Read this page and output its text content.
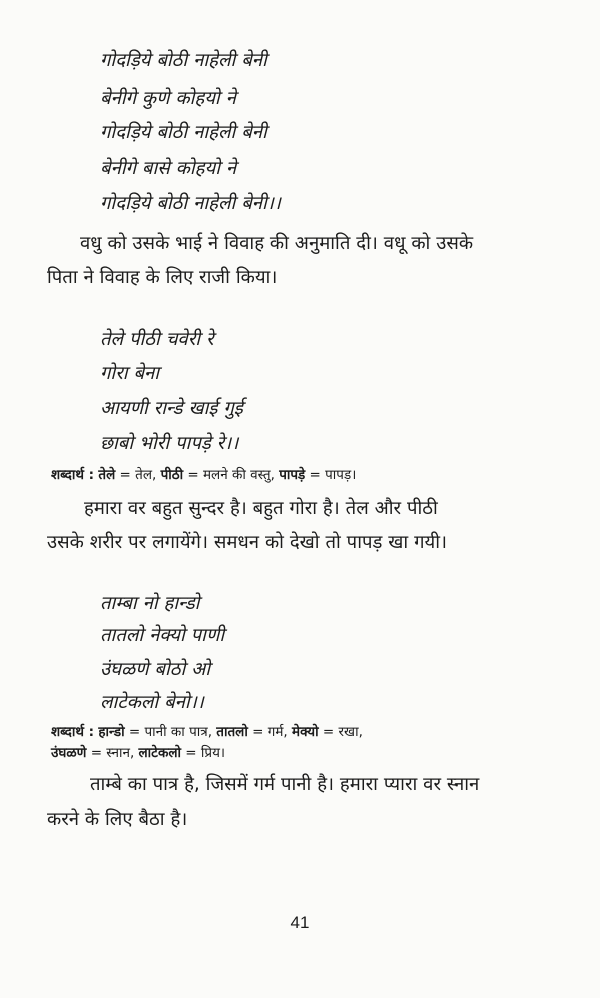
गोदड़िये बोठी नाहेली बेनी
बेनीगे कुणे कोहयो ने
गोदड़िये बोठी नाहेली बेनी
बेनीगे बासे कोहयो ने
गोदड़िये बोठी नाहेली बेनी।।
वधु को उसके भाई ने विवाह की अनुमाति दी। वधू को उसके
पिता ने विवाह के लिए राजी किया।
तेले पीठी चवेरी रे
गोरा बेना
आयणी रान्डे खाई गुई
छाबो भोरी पापड़े रे।।
शब्दार्थ : तेले = तेल, पीठी = मलने की वस्तु, पापड़े = पापड़।
हमारा वर बहुत सुन्दर है। बहुत गोरा है। तेल और पीठी
उसके शरीर पर लगायेंगे। समधन को देखो तो पापड़ खा गयी।
ताम्बा नो हान्डो
तातलो नेक्यो पाणी
उंघळणे बोठो ओ
लाटेकलो बेनो।।
शब्दार्थ : हान्डो = पानी का पात्र, तातलो = गर्म, मेक्यो = रखा,
उंघळणे = स्नान, लाटेकलो = प्रिय।
ताम्बे का पात्र है, जिसमें गर्म पानी है। हमारा प्यारा वर स्नान
करने के लिए बैठा है।
41
